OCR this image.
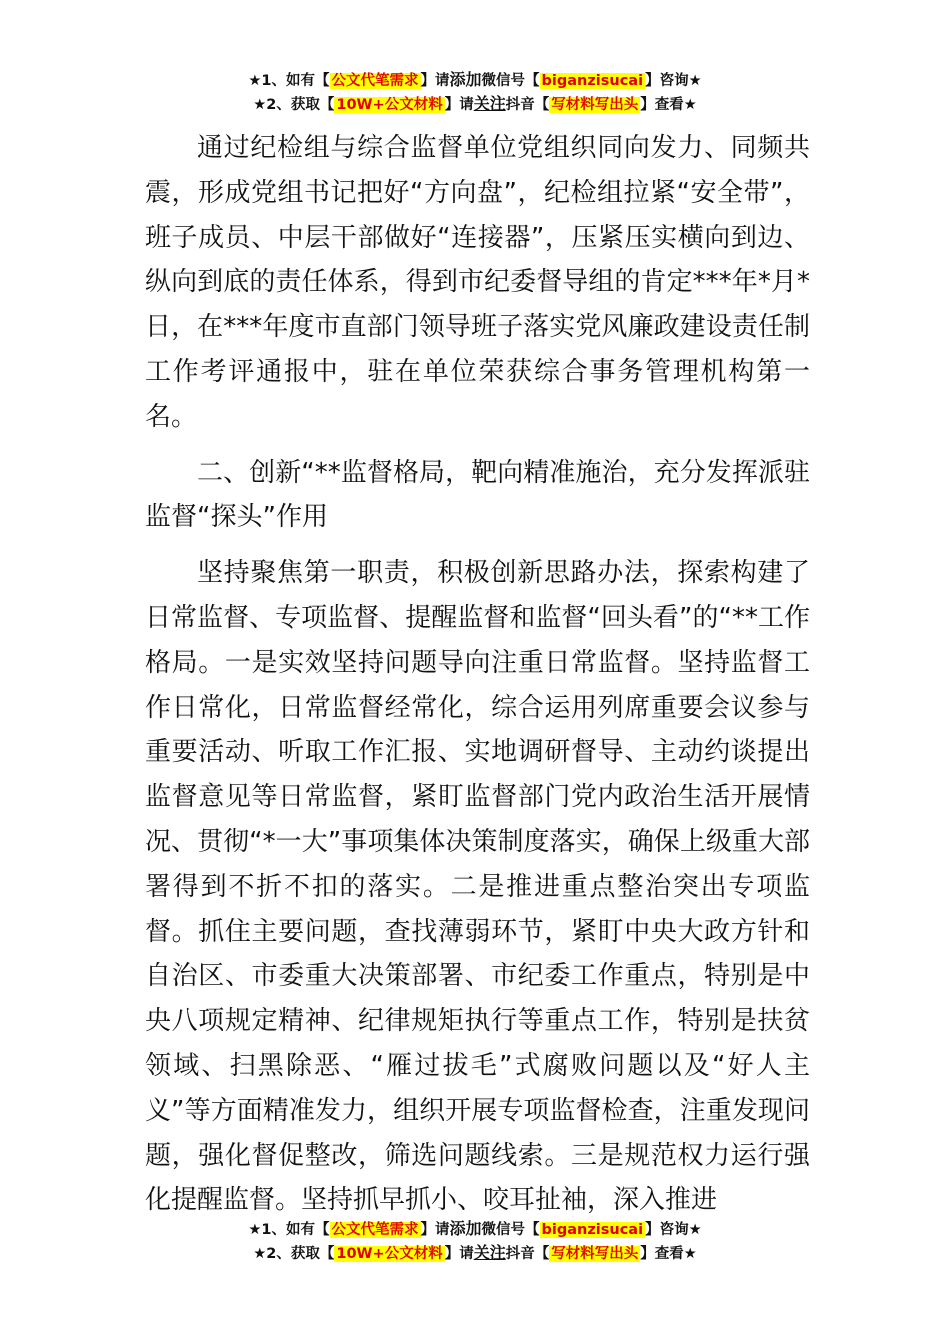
★1、如有【 公文代笔需求 】请添加微信号【 biganzisucai 】咨询★
★2、获取【 10W+公文材料 】请关注抖音【 写材料写出头 】查看★

通过纪检组与综合监督单位党组织同向发力、同频共震，形成党组书记把好“方向盘”，纪检组拉紧“安全带”，班子成员、中层干部做好“连接器”，压紧压实横向到边、纵向到底的责任体系，得到市纪委督导组的肯定***年*月*日，在***年度市直部门领导班子落实党风廉政建设责任制工作考评通报中，驻在单位荣获综合事务管理机构第一名。

二、创新“**监督格局，靶向精准施治，充分发挥派驻监督“探头”作用

坚持聚焦第一职责，积极创新思路办法，探索构建了日常监督、专项监督、提醒监督和监督“回头看”的“**工作格局。一是实效坚持问题导向注重日常监督。坚持监督工作日常化，日常监督经常化，综合运用列席重要会议参与重要活动、听取工作汇报、实地调研督导、主动约谈提出监督意见等日常监督，紧盯监督部门党内政治生活开展情况、贯彻“*一大”事项集体决策制度落实，确保上级重大部署得到不折不扣的落实。二是推进重点整治突出专项监督。抓住主要问题，查找薄弱环节，紧盯中央大政方针和自治区、市委重大决策部署、市纪委工作重点，特别是中央八项规定精神、纪律规矩执行等重点工作，特别是扶贫领域、扫黑除恶、“雁过拔毛”式腐败问题以及“好人主义”等方面精准发力，组织开展专项监督检查，注重发现问题，强化督促整改，筛选问题线索。三是规范权力运行强化提醒监督。坚持抓早抓小、咬耳扯袖，深入推进

★1、如有【 公文代笔需求 】请添加微信号【 biganzisucai 】咨询★
★2、获取【 10W+公文材料 】请关注抖音【 写材料写出头 】查看★
